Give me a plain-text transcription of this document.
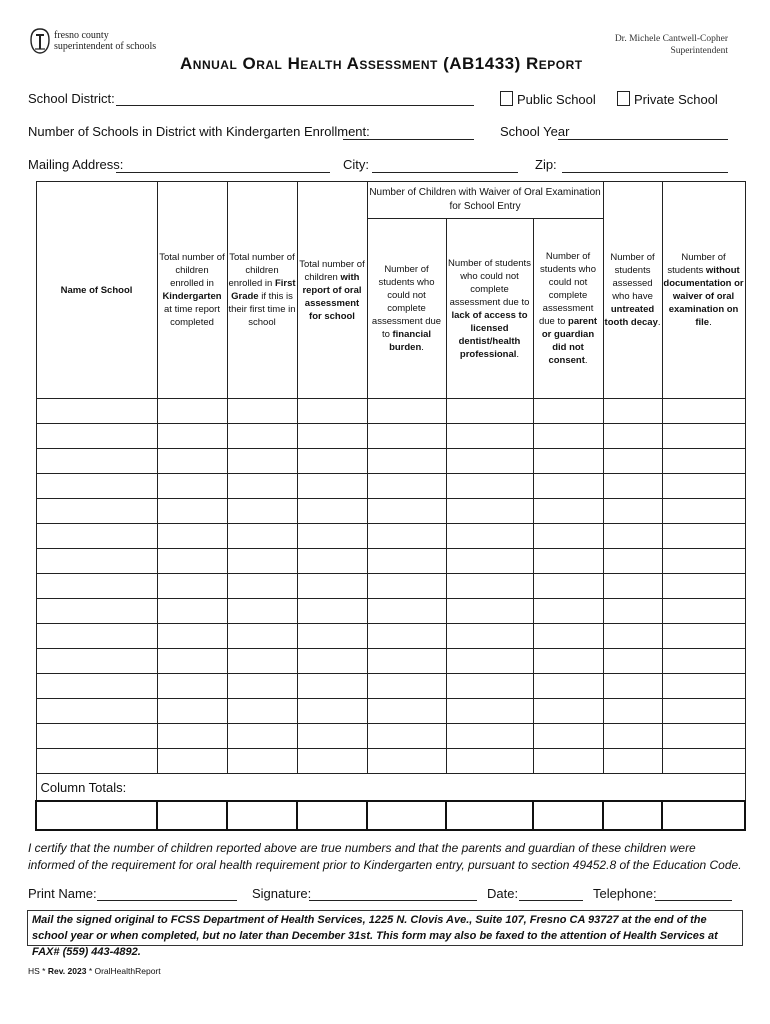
fresno county
superintendent of schools
Dr. Michele Cantwell-Copher
Superintendent
Annual Oral Health Assessment (AB1433) Report
School District:	Public School	Private School
Number of Schools in District with Kindergarten Enrollment:	School Year
Mailing Address:	City:	Zip:
Name of School	Total number of children enrolled in Kindergarten at time report completed	Total number of children enrolled in First Grade if this is their first time in school	Total number of children with report of oral assessment for school	Number of Children with Waiver of Oral Examination for School Entry			Number of students assessed who have untreated tooth decay.	Number of students without documentation or waiver of oral examination on file.
				Number of students who could not complete assessment due to financial burden.	Number of students who could not complete assessment due to lack of access to licensed dentist/health professional.	Number of students who could not complete assessment due to parent or guardian did not consent.		

Column Totals:								

I certify that the number of children reported above are true numbers and that the parents and guardian of these children were informed of the requirement for oral health requirement prior to Kindergarten entry, pursuant to section 49452.8 of the Education Code.
Print Name:	Signature:	Date:	Telephone:
Mail the signed original to FCSS Department of Health Services, 1225 N. Clovis Ave., Suite 107, Fresno CA 93727 at the end of the school year or when completed, but no later than December 31st. This form may also be faxed to the attention of Health Services at FAX# (559) 443-4892.
HS * Rev. 2023 * OralHealthReport
